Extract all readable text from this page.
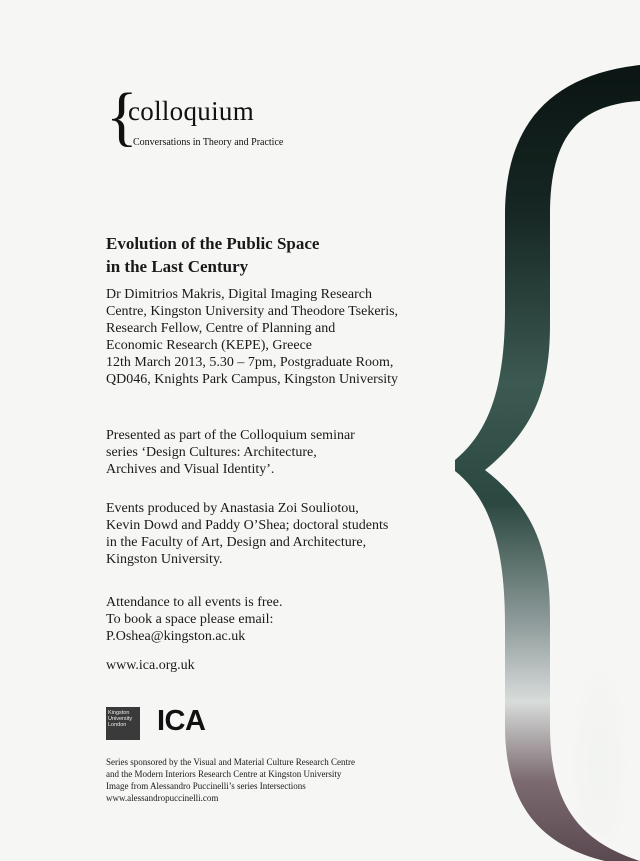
{
colloquium
Conversations in Theory and Practice
Evolution of the Public Space
in the Last Century
Dr Dimitrios Makris, Digital Imaging Research
Centre, Kingston University and Theodore Tsekeris,
Research Fellow, Centre of Planning and
Economic Research (KEPE), Greece
12th March 2013, 5.30 – 7pm, Postgraduate Room,
QD046, Knights Park Campus, Kingston University
Presented as part of the Colloquium seminar
series ‘Design Cultures: Architecture,
Archives and Visual Identity’.
Events produced by Anastasia Zoi Souliotou,
Kevin Dowd and Paddy O’Shea; doctoral students
in the Faculty of Art, Design and Architecture,
Kingston University.
Attendance to all events is free.
To book a space please email:
P.Oshea@kingston.ac.uk
www.ica.org.uk
Kingston
University
London	ICA
Series sponsored by the Visual and Material Culture Research Centre
and the Modern Interiors Research Centre at Kingston University
Image from Alessandro Puccinelli’s series Intersections
www.alessandropuccinelli.com
